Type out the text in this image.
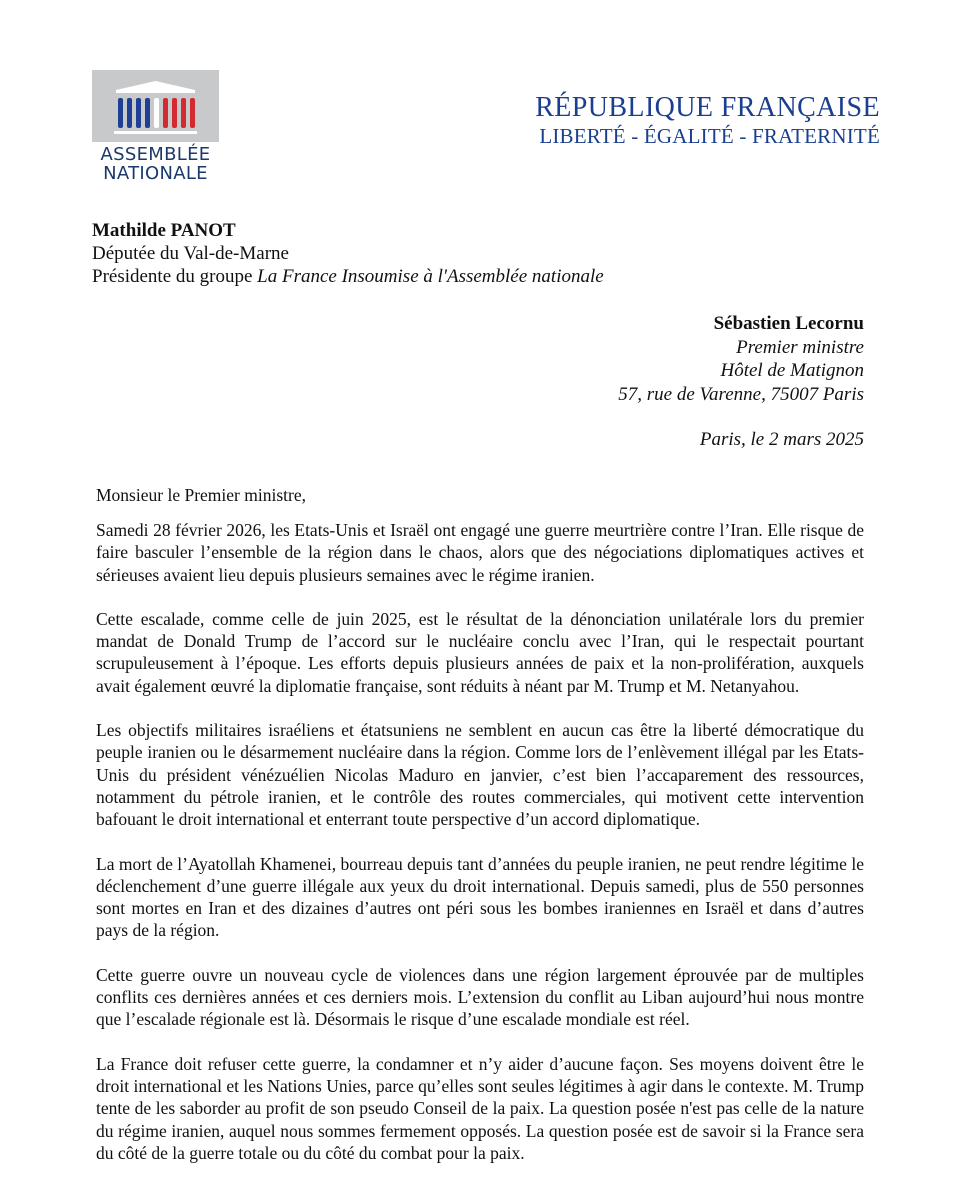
ASSEMBLÉE
NATIONALE
RÉPUBLIQUE FRANÇAISE
LIBERTÉ - ÉGALITÉ - FRATERNITÉ
Mathilde PANOT
Députée du Val-de-Marne
Présidente du groupe La France Insoumise à l'Assemblée nationale
Sébastien Lecornu
Premier ministre
Hôtel de Matignon
57, rue de Varenne, 75007 Paris
Paris, le 2 mars 2025
Monsieur le Premier ministre,

Samedi 28 février 2026, les Etats-Unis et Israël ont engagé une guerre meurtrière contre l’Iran. Elle risque de faire basculer l’ensemble de la région dans le chaos, alors que des négociations diplomatiques actives et sérieuses avaient lieu depuis plusieurs semaines avec le régime iranien.

Cette escalade, comme celle de juin 2025, est le résultat de la dénonciation unilatérale lors du premier mandat de Donald Trump de l’accord sur le nucléaire conclu avec l’Iran, qui le respectait pourtant scrupuleusement à l’époque. Les efforts depuis plusieurs années de paix et la non-prolifération, auxquels avait également œuvré la diplomatie française, sont réduits à néant par M. Trump et M. Netanyahou.

Les objectifs militaires israéliens et étatsuniens ne semblent en aucun cas être la liberté démocratique du peuple iranien ou le désarmement nucléaire dans la région. Comme lors de l’enlèvement illégal par les Etats-Unis du président vénézuélien Nicolas Maduro en janvier, c’est bien l’accaparement des ressources, notamment du pétrole iranien, et le contrôle des routes commerciales, qui motivent cette intervention bafouant le droit international et enterrant toute perspective d’un accord diplomatique.

La mort de l’Ayatollah Khamenei, bourreau depuis tant d’années du peuple iranien, ne peut rendre légitime le déclenchement d’une guerre illégale aux yeux du droit international. Depuis samedi, plus de 550 personnes sont mortes en Iran et des dizaines d’autres ont péri sous les bombes iraniennes en Israël et dans d’autres pays de la région.

Cette guerre ouvre un nouveau cycle de violences dans une région largement éprouvée par de multiples conflits ces dernières années et ces derniers mois. L’extension du conflit au Liban aujourd’hui nous montre que l’escalade régionale est là. Désormais le risque d’une escalade mondiale est réel.

La France doit refuser cette guerre, la condamner et n’y aider d’aucune façon. Ses moyens doivent être le droit international et les Nations Unies, parce qu’elles sont seules légitimes à agir dans le contexte. M. Trump tente de les saborder au profit de son pseudo Conseil de la paix. La question posée n'est pas celle de la nature du régime iranien, auquel nous sommes fermement opposés. La question posée est de savoir si la France sera du côté de la guerre totale ou du côté du combat pour la paix.
